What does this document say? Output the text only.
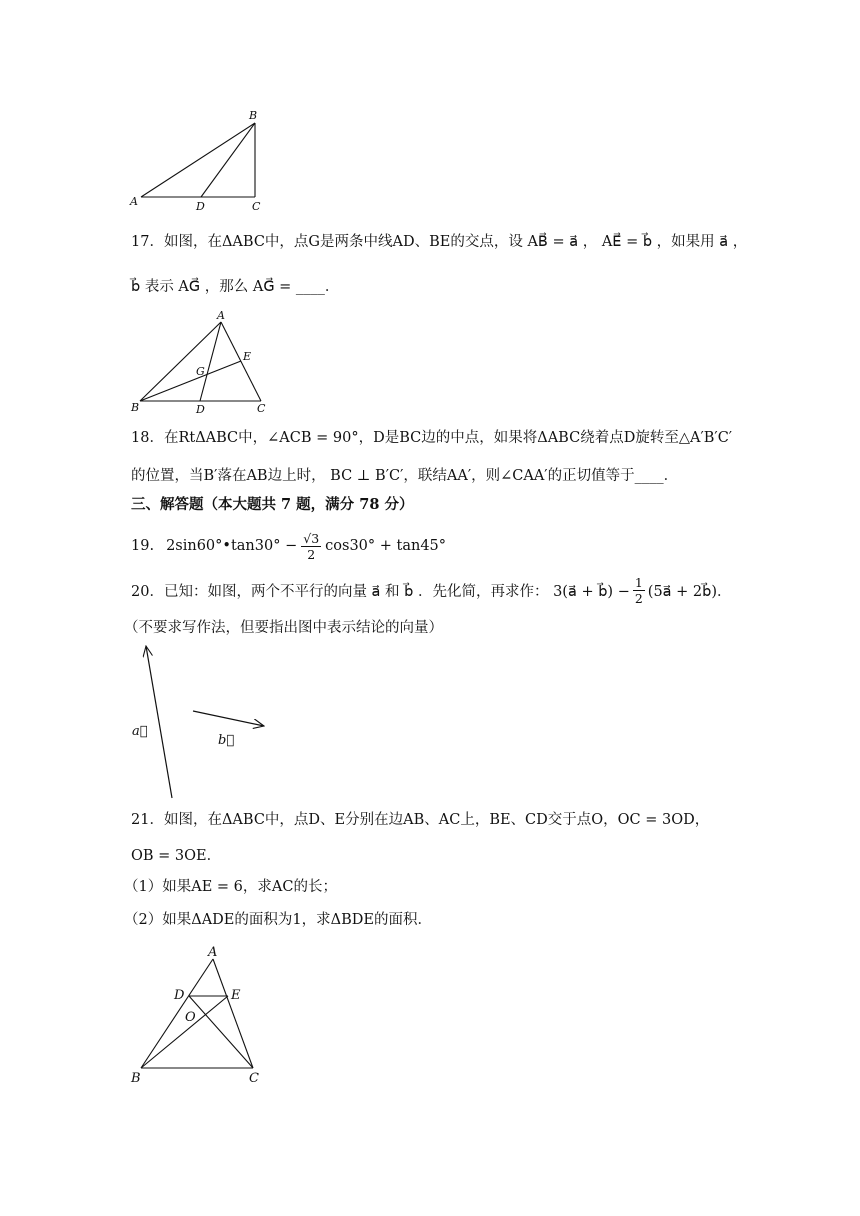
A
B
C
D
17．如图，在ΔABC中，点G是两条中线AD、BE的交点，设 AB⃗ = a⃗ ， AE⃗ = b⃗ ，如果用 a⃗ ，
b⃗ 表示 AG⃗ ，那么 AG⃗ = ____．
A
E
G
B	D	C
18．在RtΔABC中，∠ACB = 90°，D是BC边的中点，如果将ΔABC绕着点D旋转至△A′B′C′
的位置，当B′落在AB边上时， BC ⊥ B′C′，联结AA′，则∠CAA′的正切值等于____．
三、解答题（本大题共 7 题，满分 78 分）
19. 2sin60°•tan30° − $\frac{√3}{2} \cos 30^\circ + \tan 45^\circ$
20．已知：如图，两个不平行的向量 a⃗ 和 b⃗ ．先化简，再求作： 3(a⃗ + b⃗) − $\frac{1}{2}$ (5a⃗ + 2b⃗)．
（不要求写作法，但要指出图中表示结论的向量）
a⃗
b⃗
21．如图，在ΔABC中，点D、E分别在边AB、AC上，BE、CD交于点O，OC = 3OD，
OB = 3OE．
（1）如果AE = 6，求AC的长；
（2）如果ΔADE的面积为1，求ΔBDE的面积．
A
D	E
O
B	C
